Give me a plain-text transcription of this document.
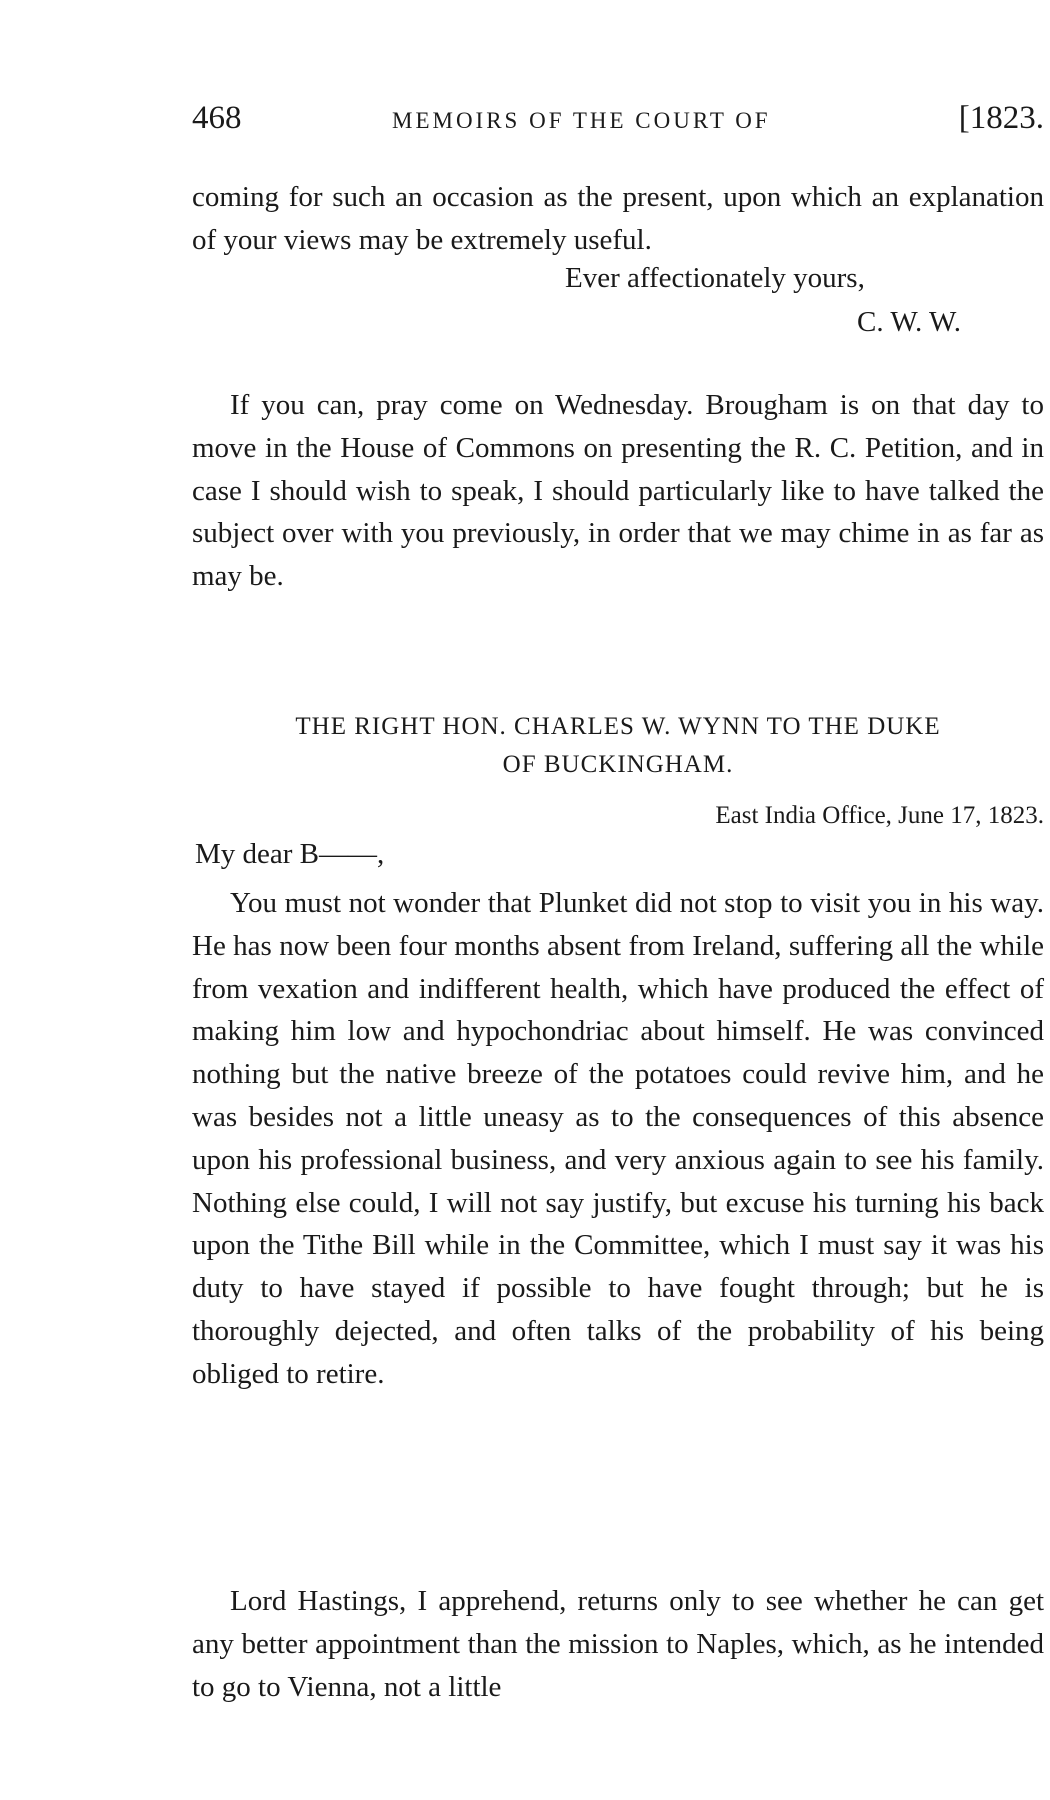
468	MEMOIRS OF THE COURT OF	[1823.
coming for such an occasion as the present, upon which an explanation of your views may be extremely useful.
Ever affectionately yours,
C. W. W.
If you can, pray come on Wednesday. Brougham is on that day to move in the House of Commons on presenting the R. C. Petition, and in case I should wish to speak, I should particularly like to have talked the subject over with you previously, in order that we may chime in as far as may be.
THE RIGHT HON. CHARLES W. WYNN TO THE DUKE
OF BUCKINGHAM.
East India Office, June 17, 1823.
My dear B——,
You must not wonder that Plunket did not stop to visit you in his way. He has now been four months absent from Ireland, suffering all the while from vexation and indifferent health, which have produced the effect of making him low and hypochondriac about himself. He was convinced nothing but the native breeze of the potatoes could revive him, and he was besides not a little uneasy as to the consequences of this absence upon his professional business, and very anxious again to see his family. Nothing else could, I will not say justify, but excuse his turning his back upon the Tithe Bill while in the Committee, which I must say it was his duty to have stayed if possible to have fought through; but he is thoroughly dejected, and often talks of the probability of his being obliged to retire.
Lord Hastings, I apprehend, returns only to see whether he can get any better appointment than the mission to Naples, which, as he intended to go to Vienna, not a little
